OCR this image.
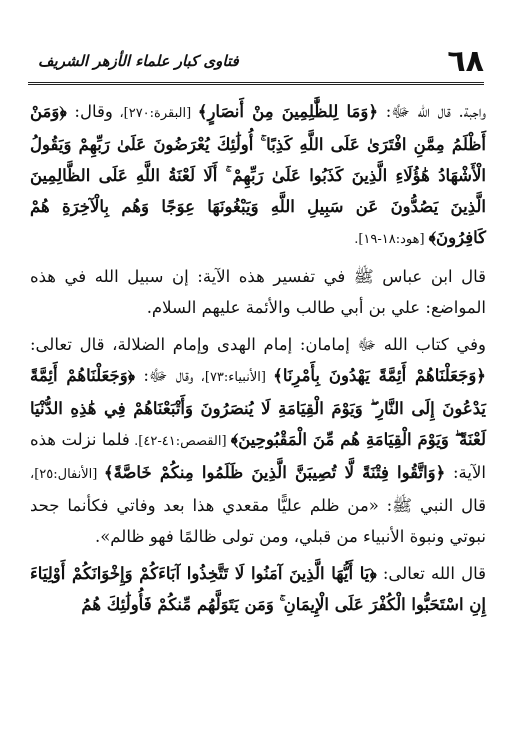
٦٨
فتاوى كبار علماء الأزهر الشريف

واجبة. قال الله ﷻ: ﴿وَمَا لِلظَّٰلِمِينَ مِنْ أَنصَارٍ﴾ [البقرة:٢٧٠]، وقال: ﴿وَمَنْ أَظْلَمُ مِمَّنِ افْتَرَىٰ عَلَى اللَّهِ كَذِبًا ۚ أُولَٰئِكَ يُعْرَضُونَ عَلَىٰ رَبِّهِمْ وَيَقُولُ الْأَشْهَادُ هَٰؤُلَاءِ الَّذِينَ كَذَبُوا عَلَىٰ رَبِّهِمْ ۚ أَلَا لَعْنَةُ اللَّهِ عَلَى الظَّالِمِينَ الَّذِينَ يَصُدُّونَ عَن سَبِيلِ اللَّهِ وَيَبْغُونَهَا عِوَجًا وَهُم بِالْآخِرَةِ هُمْ كَافِرُونَ﴾ [هود:١٨-١٩].

قال ابن عباس ﷺ في تفسير هذه الآية: إن سبيل الله في هذه المواضع: علي بن أبي طالب والأئمة عليهم السلام.

وفي كتاب الله ﷻ إمامان: إمام الهدى وإمام الضلالة، قال تعالى: ﴿وَجَعَلْنَاهُمْ أَئِمَّةً يَهْدُونَ بِأَمْرِنَا﴾ [الأنبياء:٧٣]، وقال ﷻ: ﴿وَجَعَلْنَاهُمْ أَئِمَّةً يَدْعُونَ إِلَى النَّارِ ۖ وَيَوْمَ الْقِيَامَةِ لَا يُنصَرُونَ وَأَتْبَعْنَاهُمْ فِي هَٰذِهِ الدُّنْيَا لَعْنَةً ۖ وَيَوْمَ الْقِيَامَةِ هُم مِّنَ الْمَقْبُوحِينَ﴾ [القصص:٤١-٤٢]. فلما نزلت هذه الآية: ﴿وَاتَّقُوا فِتْنَةً لَّا تُصِيبَنَّ الَّذِينَ ظَلَمُوا مِنكُمْ خَاصَّةً﴾ [الأنفال:٢٥]، قال النبي ﷺ: «من ظلم عليًّا مقعدي هذا بعد وفاتي فكأنما جحد نبوتي ونبوة الأنبياء من قبلي، ومن تولى ظالمًا فهو ظالم».

قال الله تعالى: ﴿يَا أَيُّهَا الَّذِينَ آمَنُوا لَا تَتَّخِذُوا آبَاءَكُمْ وَإِخْوَانَكُمْ أَوْلِيَاءَ إِنِ اسْتَحَبُّوا الْكُفْرَ عَلَى الْإِيمَانِ ۚ وَمَن يَتَوَلَّهُم مِّنكُمْ فَأُولَٰئِكَ هُمُ
